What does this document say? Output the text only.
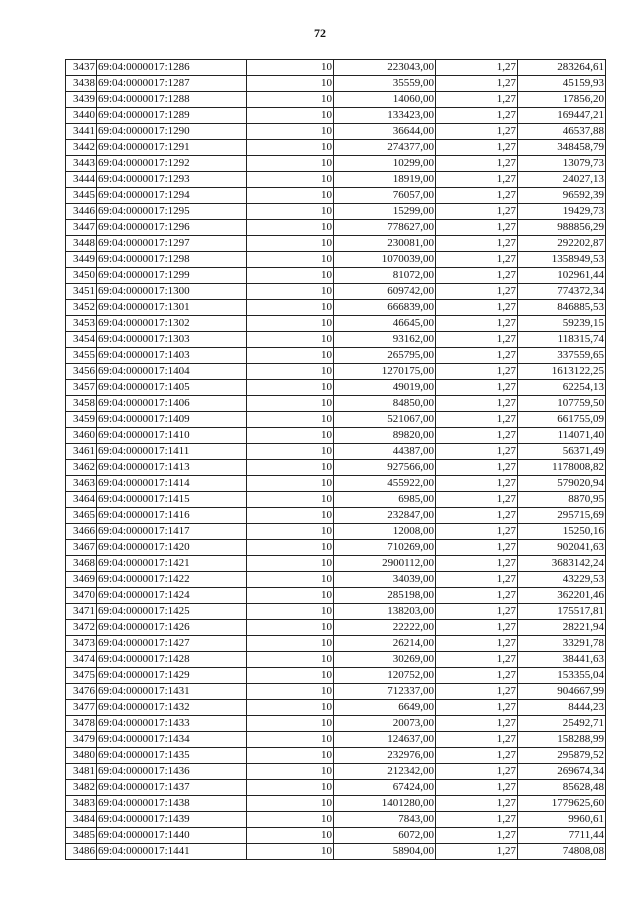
72
3437	69:04:0000017:1286	10	223043,00	1,27	283264,61
3438	69:04:0000017:1287	10	35559,00	1,27	45159,93
3439	69:04:0000017:1288	10	14060,00	1,27	17856,20
3440	69:04:0000017:1289	10	133423,00	1,27	169447,21
3441	69:04:0000017:1290	10	36644,00	1,27	46537,88
3442	69:04:0000017:1291	10	274377,00	1,27	348458,79
3443	69:04:0000017:1292	10	10299,00	1,27	13079,73
3444	69:04:0000017:1293	10	18919,00	1,27	24027,13
3445	69:04:0000017:1294	10	76057,00	1,27	96592,39
3446	69:04:0000017:1295	10	15299,00	1,27	19429,73
3447	69:04:0000017:1296	10	778627,00	1,27	988856,29
3448	69:04:0000017:1297	10	230081,00	1,27	292202,87
3449	69:04:0000017:1298	10	1070039,00	1,27	1358949,53
3450	69:04:0000017:1299	10	81072,00	1,27	102961,44
3451	69:04:0000017:1300	10	609742,00	1,27	774372,34
3452	69:04:0000017:1301	10	666839,00	1,27	846885,53
3453	69:04:0000017:1302	10	46645,00	1,27	59239,15
3454	69:04:0000017:1303	10	93162,00	1,27	118315,74
3455	69:04:0000017:1403	10	265795,00	1,27	337559,65
3456	69:04:0000017:1404	10	1270175,00	1,27	1613122,25
3457	69:04:0000017:1405	10	49019,00	1,27	62254,13
3458	69:04:0000017:1406	10	84850,00	1,27	107759,50
3459	69:04:0000017:1409	10	521067,00	1,27	661755,09
3460	69:04:0000017:1410	10	89820,00	1,27	114071,40
3461	69:04:0000017:1411	10	44387,00	1,27	56371,49
3462	69:04:0000017:1413	10	927566,00	1,27	1178008,82
3463	69:04:0000017:1414	10	455922,00	1,27	579020,94
3464	69:04:0000017:1415	10	6985,00	1,27	8870,95
3465	69:04:0000017:1416	10	232847,00	1,27	295715,69
3466	69:04:0000017:1417	10	12008,00	1,27	15250,16
3467	69:04:0000017:1420	10	710269,00	1,27	902041,63
3468	69:04:0000017:1421	10	2900112,00	1,27	3683142,24
3469	69:04:0000017:1422	10	34039,00	1,27	43229,53
3470	69:04:0000017:1424	10	285198,00	1,27	362201,46
3471	69:04:0000017:1425	10	138203,00	1,27	175517,81
3472	69:04:0000017:1426	10	22222,00	1,27	28221,94
3473	69:04:0000017:1427	10	26214,00	1,27	33291,78
3474	69:04:0000017:1428	10	30269,00	1,27	38441,63
3475	69:04:0000017:1429	10	120752,00	1,27	153355,04
3476	69:04:0000017:1431	10	712337,00	1,27	904667,99
3477	69:04:0000017:1432	10	6649,00	1,27	8444,23
3478	69:04:0000017:1433	10	20073,00	1,27	25492,71
3479	69:04:0000017:1434	10	124637,00	1,27	158288,99
3480	69:04:0000017:1435	10	232976,00	1,27	295879,52
3481	69:04:0000017:1436	10	212342,00	1,27	269674,34
3482	69:04:0000017:1437	10	67424,00	1,27	85628,48
3483	69:04:0000017:1438	10	1401280,00	1,27	1779625,60
3484	69:04:0000017:1439	10	7843,00	1,27	9960,61
3485	69:04:0000017:1440	10	6072,00	1,27	7711,44
3486	69:04:0000017:1441	10	58904,00	1,27	74808,08
